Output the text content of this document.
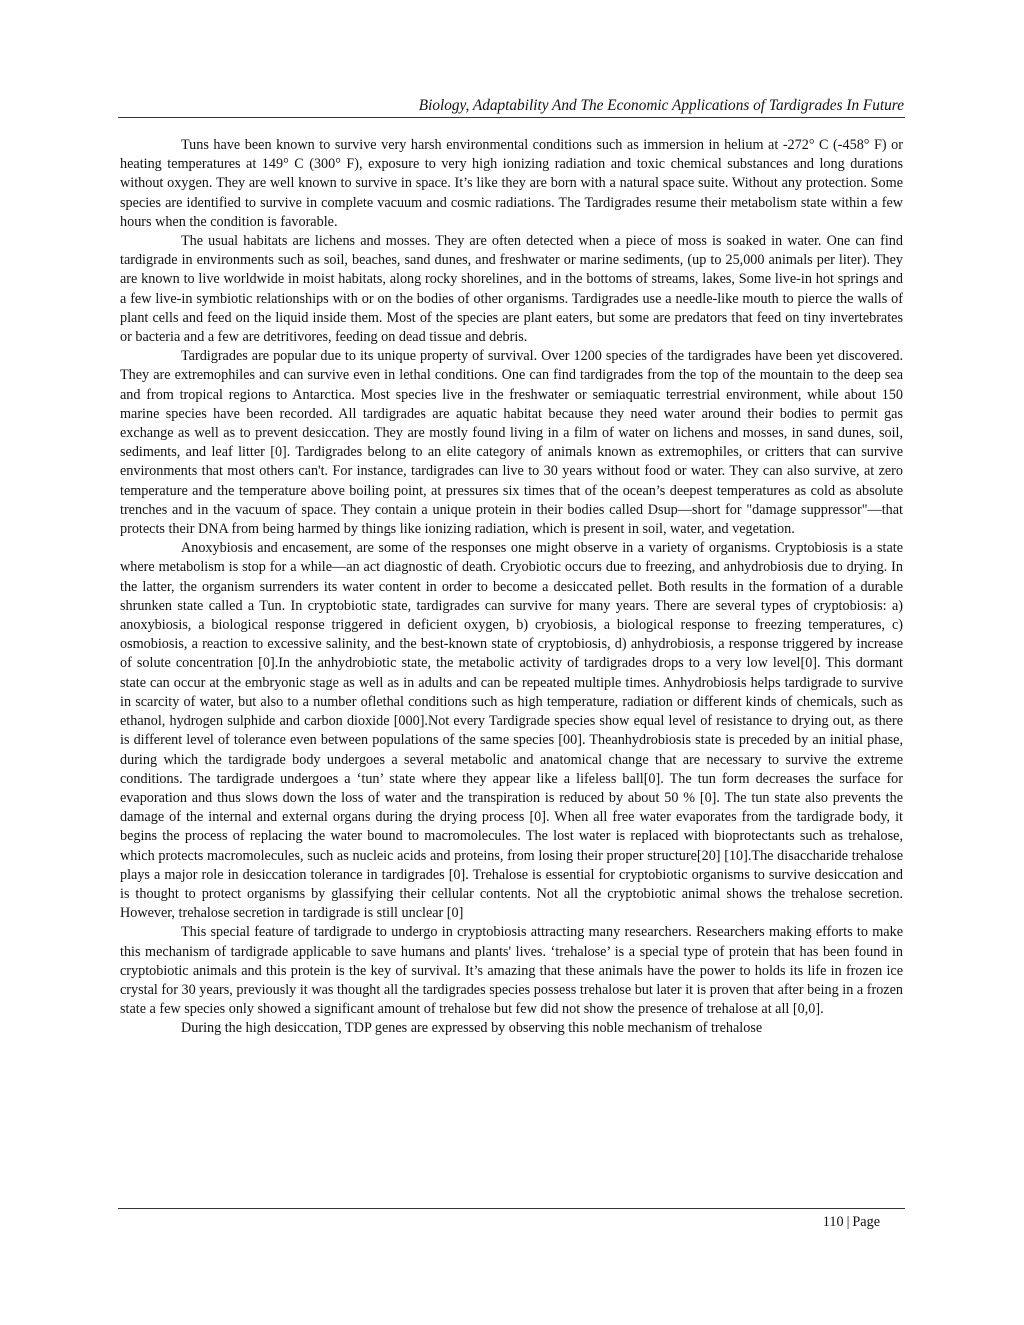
Biology, Adaptability And The Economic Applications of Tardigrades In Future

Tuns have been known to survive very harsh environmental conditions such as immersion in helium at -272° C (-458° F) or heating temperatures at 149° C (300° F), exposure to very high ionizing radiation and toxic chemical substances and long durations without oxygen. They are well known to survive in space. It’s like they are born with a natural space suite. Without any protection. Some species are identified to survive in complete vacuum and cosmic radiations. The Tardigrades resume their metabolism state within a few hours when the condition is favorable.

The usual habitats are lichens and mosses. They are often detected when a piece of moss is soaked in water. One can find tardigrade in environments such as soil, beaches, sand dunes, and freshwater or marine sediments, (up to 25,000 animals per liter). They are known to live worldwide in moist habitats, along rocky shorelines, and in the bottoms of streams, lakes, Some live-in hot springs and a few live-in symbiotic relationships with or on the bodies of other organisms. Tardigrades use a needle-like mouth to pierce the walls of plant cells and feed on the liquid inside them. Most of the species are plant eaters, but some are predators that feed on tiny invertebrates or bacteria and a few are detritivores, feeding on dead tissue and debris.

Tardigrades are popular due to its unique property of survival. Over 1200 species of the tardigrades have been yet discovered. They are extremophiles and can survive even in lethal conditions. One can find tardigrades from the top of the mountain to the deep sea and from tropical regions to Antarctica. Most species live in the freshwater or semiaquatic terrestrial environment, while about 150 marine species have been recorded. All tardigrades are aquatic habitat because they need water around their bodies to permit gas exchange as well as to prevent desiccation. They are mostly found living in a film of water on lichens and mosses, in sand dunes, soil, sediments, and leaf litter [0]. Tardigrades belong to an elite category of animals known as extremophiles, or critters that can survive environments that most others can't. For instance, tardigrades can live to 30 years without food or water. They can also survive, at zero temperature and the temperature above boiling point, at pressures six times that of the ocean’s deepest temperatures as cold as absolute trenches and in the vacuum of space. They contain a unique protein in their bodies called Dsup—short for "damage suppressor"—that protects their DNA from being harmed by things like ionizing radiation, which is present in soil, water, and vegetation.

Anoxybiosis and encasement, are some of the responses one might observe in a variety of organisms. Cryptobiosis is a state where metabolism is stop for a while—an act diagnostic of death. Cryobiotic occurs due to freezing, and anhydrobiosis due to drying. In the latter, the organism surrenders its water content in order to become a desiccated pellet. Both results in the formation of a durable shrunken state called a Tun. In cryptobiotic state, tardigrades can survive for many years. There are several types of cryptobiosis: a) anoxybiosis, a biological response triggered in deficient oxygen, b) cryobiosis, a biological response to freezing temperatures, c) osmobiosis, a reaction to excessive salinity, and the best-known state of cryptobiosis, d) anhydrobiosis, a response triggered by increase of solute concentration [0].In the anhydrobiotic state, the metabolic activity of tardigrades drops to a very low level[0]. This dormant state can occur at the embryonic stage as well as in adults and can be repeated multiple times. Anhydrobiosis helps tardigrade to survive in scarcity of water, but also to a number oflethal conditions such as high temperature, radiation or different kinds of chemicals, such as ethanol, hydrogen sulphide and carbon dioxide [000].Not every Tardigrade species show equal level of resistance to drying out, as there is different level of tolerance even between populations of the same species [00]. Theanhydrobiosis state is preceded by an initial phase, during which the tardigrade body undergoes a several metabolic and anatomical change that are necessary to survive the extreme conditions. The tardigrade undergoes a ‘tun’ state where they appear like a lifeless ball[0]. The tun form decreases the surface for evaporation and thus slows down the loss of water and the transpiration is reduced by about 50 % [0]. The tun state also prevents the damage of the internal and external organs during the drying process [0]. When all free water evaporates from the tardigrade body, it begins the process of replacing the water bound to macromolecules. The lost water is replaced with bioprotectants such as trehalose, which protects macromolecules, such as nucleic acids and proteins, from losing their proper structure[20] [10].The disaccharide trehalose plays a major role in desiccation tolerance in tardigrades [0]. Trehalose is essential for cryptobiotic organisms to survive desiccation and is thought to protect organisms by glassifying their cellular contents. Not all the cryptobiotic animal shows the trehalose secretion. However, trehalose secretion in tardigrade is still unclear [0]

This special feature of tardigrade to undergo in cryptobiosis attracting many researchers. Researchers making efforts to make this mechanism of tardigrade applicable to save humans and plants' lives. ‘trehalose’ is a special type of protein that has been found in cryptobiotic animals and this protein is the key of survival. It’s amazing that these animals have the power to holds its life in frozen ice crystal for 30 years, previously it was thought all the tardigrades species possess trehalose but later it is proven that after being in a frozen state a few species only showed a significant amount of trehalose but few did not show the presence of trehalose at all [0,0].

During the high desiccation, TDP genes are expressed by observing this noble mechanism of trehalose

110 | Page
